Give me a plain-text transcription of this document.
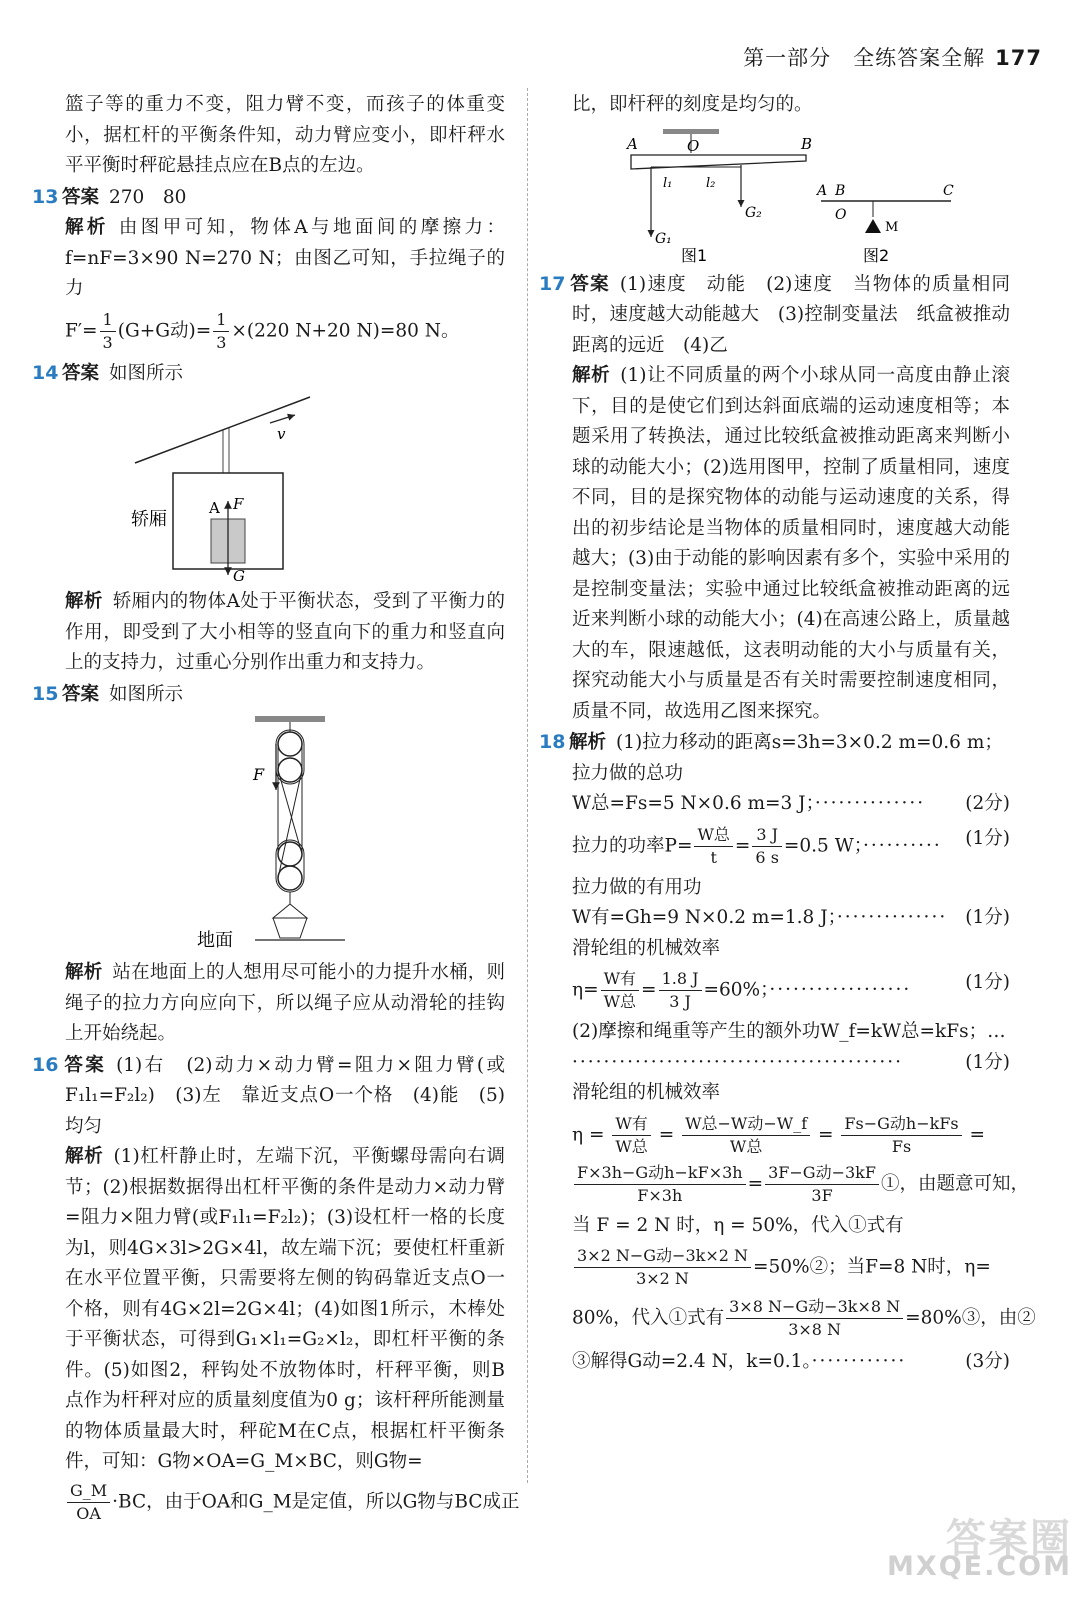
第一部分　全练答案全解 177

篮子等的重力不变，阻力臂不变，而孩子的体重变小，据杠杆的平衡条件知，动力臂应变小，即杆秤水平平衡时秤砣悬挂点应在B点的左边。

13 答案 270　80

解析 由图甲可知，物体A与地面间的摩擦力：f=nF=3×90 N=270 N；由图乙可知，手拉绳子的力

$F'= \frac{1}{3} (G+G$动)= $\frac{1}{3} \times(220$ N+20 N)=80 N。

14 答案 如图所示

v
轿厢
A F
G

解析 轿厢内的物体A处于平衡状态，受到了平衡力的作用，即受到了大小相等的竖直向下的重力和竖直向上的支持力，过重心分别作出重力和支持力。

15 答案 如图所示

F
地面

解析 站在地面上的人想用尽可能小的力提升水桶，则绳子的拉力方向应向下，所以绳子应从动滑轮的挂钩上开始绕起。

16 答案 (1)右　(2)动力×动力臂=阻力×阻力臂(或F₁l₁=F₂l₂)　(3)左　靠近支点O一个格　(4)能　(5)均匀

解析 (1)杠杆静止时，左端下沉，平衡螺母需向右调节；(2)根据数据得出杠杆平衡的条件是动力×动力臂=阻力×阻力臂(或F₁l₁=F₂l₂)；(3)设杠杆一格的长度为l，则4G×3l>2G×4l，故左端下沉；要使杠杆重新在水平位置平衡，只需要将左侧的钩码靠近支点O一个格，则有4G×2l=2G×4l；(4)如图1所示，木棒处于平衡状态，可得到G₁×l₁=G₂×l₂，即杠杆平衡的条件。(5)如图2，秤钩处不放物体时，杆秤平衡，则B点作为杆秤对应的质量刻度值为0 g；该杆秤所能测量的物体质量最大时，秤砣M在C点，根据杠杆平衡条件，可知：G物×OA=G_M×BC，则G物=

$\frac{G\_M}{OA} \cdot BC$，由于OA和G_M是定值，所以G物与BC成正

比，即杆秤的刻度是均匀的。

A	O	B
l₁	l₂
G₁
G₂
图1
A B
O
C
M
图2

17 答案 (1)速度　动能　(2)速度　当物体的质量相同时，速度越大动能越大　(3)控制变量法　纸盒被推动距离的远近　(4)乙

解析 (1)让不同质量的两个小球从同一高度由静止滚下，目的是使它们到达斜面底端的运动速度相等；本题采用了转换法，通过比较纸盒被推动距离来判断小球的动能大小；(2)选用图甲，控制了质量相同，速度不同，目的是探究物体的动能与运动速度的关系，得出的初步结论是当物体的质量相同时，速度越大动能越大；(3)由于动能的影响因素有多个，实验中采用的是控制变量法；实验中通过比较纸盒被推动距离的远近来判断小球的动能大小；(4)在高速公路上，质量越大的车，限速越低，这表明动能的大小与质量有关，探究动能大小与质量是否有关时需要控制速度相同，质量不同，故选用乙图来探究。

18 解析 (1)拉力移动的距离s=3h=3×0.2 m=0.6 m；

拉力做的总功

W总=Fs=5 N×0.6 m=3 J；·············· (2分)

拉力的功率P=
W总
t
= $\frac{3 J}{6 s} =0.5$ W；·········· (1分)

拉力做的有用功

W有=Gh=9 N×0.2 m=1.8 J；·············· (1分)

滑轮组的机械效率

η=
W有
W总
= $\frac{1.8 J}{3 J} =60\%$；··················	(1分)

(2)摩擦和绳重等产生的额外功W_f=kW总=kFs；…

··········································	(1分)

滑轮组的机械效率

η =
W有
W总
=
W总−W动−W_f
W总
=
Fs−G动h−kFs
Fs
=

F×3h−G动h−kF×3h
F×3h
=
3F−G动−3kF
3F
①，由题意可知，

当 F = 2 N 时，η = 50%，代入①式有

3×2 N−G动−3k×2 N
3×2 N
=50%②；当F=8 N时，η=

80%，代入①式有
3×8 N−G动−3k×8 N
3×8 N
=80%③，由②

③解得G动=2.4 N，k=0.1。············	(3分)

答案圈
MXQE.COM
